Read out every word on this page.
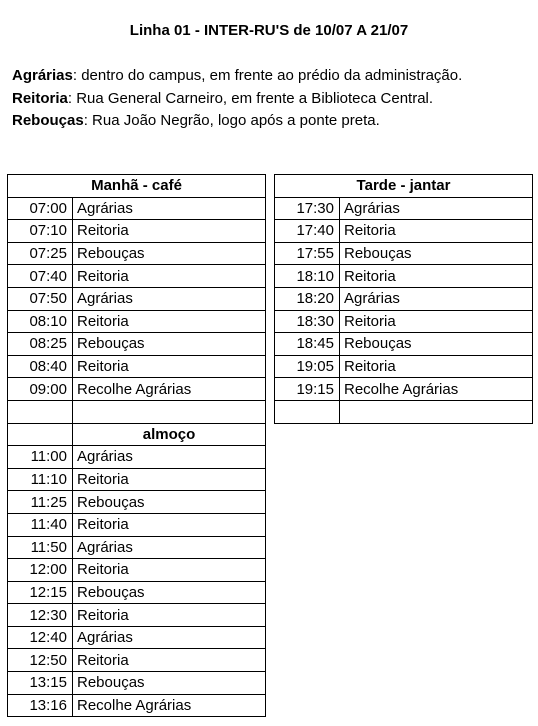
Linha 01 - INTER-RU'S de 10/07 A 21/07
Agrárias: dentro do campus, em frente ao prédio da administração.
Reitoria: Rua General Carneiro, em frente a Biblioteca Central.
Rebouças: Rua João Negrão, logo após a ponte preta.
Manhã - café	
07:00	Agrárias
07:10	Reitoria
07:25	Rebouças
07:40	Reitoria
07:50	Agrárias
08:10	Reitoria
08:25	Rebouças
08:40	Reitoria
09:00	Recolhe Agrárias

	almoço
11:00	Agrárias
11:10	Reitoria
11:25	Rebouças
11:40	Reitoria
11:50	Agrárias
12:00	Reitoria
12:15	Rebouças
12:30	Reitoria
12:40	Agrárias
12:50	Reitoria
13:15	Rebouças
13:16	Recolhe Agrárias
Tarde - jantar	
17:30	Agrárias
17:40	Reitoria
17:55	Rebouças
18:10	Reitoria
18:20	Agrárias
18:30	Reitoria
18:45	Rebouças
19:05	Reitoria
19:15	Recolhe Agrárias
